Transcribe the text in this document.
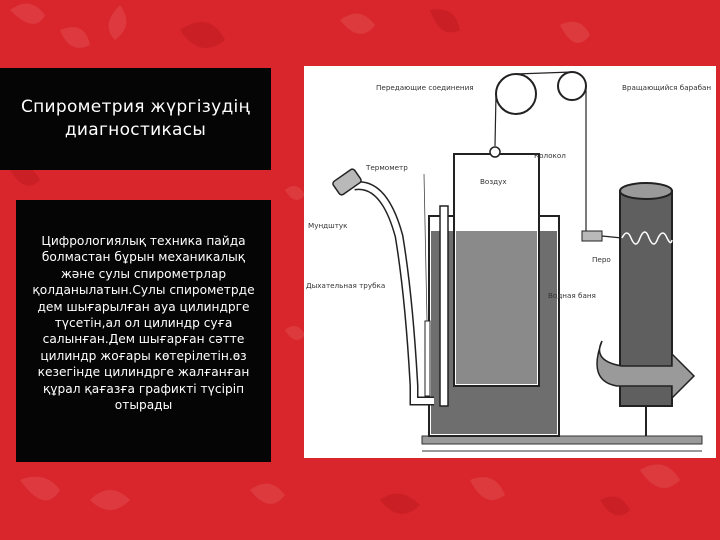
Спирометрия жүргізудің диагностикасы
Цифрологиялық техника пайда болмастан бұрын механикалық және сулы спирометрлар қолданылатын.Сулы спирометрде дем шығарылған ауа цилиндрге түсетін,ал ол цилиндр суға салынған.Дем шығарған сәтте цилиндр жоғары көтерілетін.өз кезегінде цилиндрге жалғанған құрал қағазға графикті түсіріп отырады
Передающие соединения	Вращающийся барабан
Термометр
Колокол
Воздух
Мундштук
Дыхательная трубка
Водная баня
Перо
